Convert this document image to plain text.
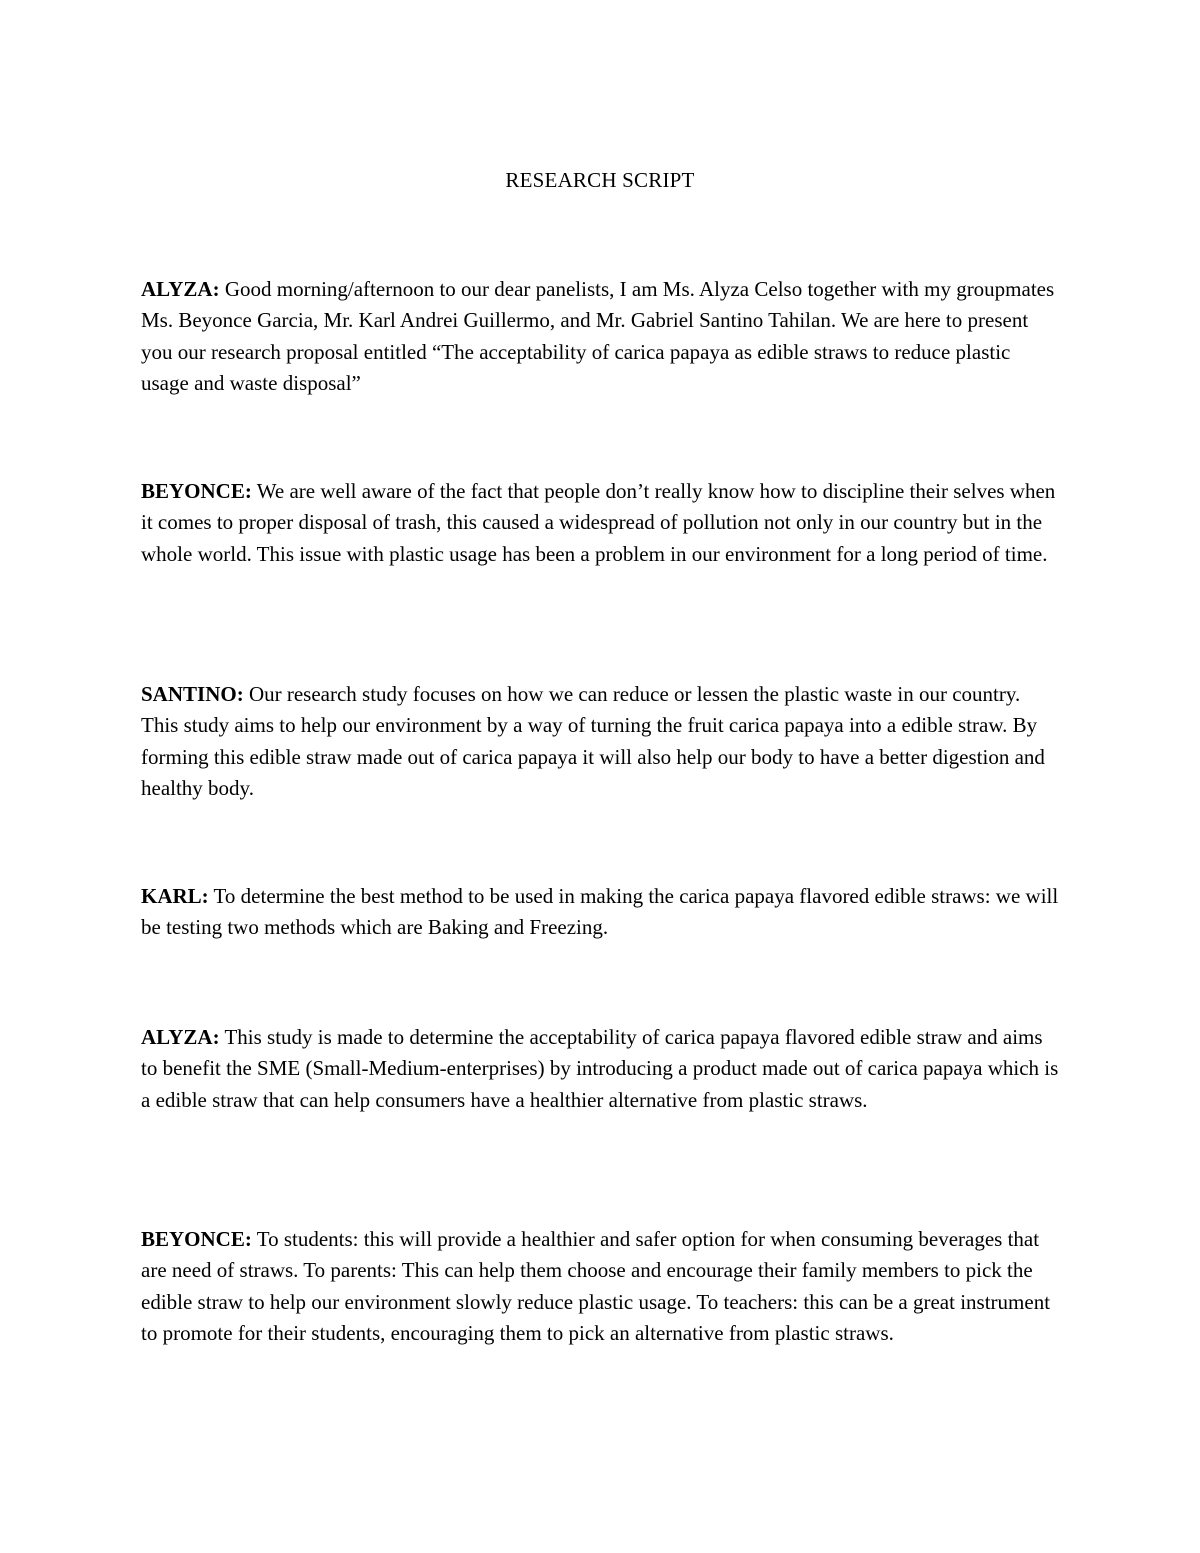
RESEARCH SCRIPT
ALYZA: Good morning/afternoon to our dear panelists, I am Ms. Alyza Celso together with my groupmates Ms. Beyonce Garcia, Mr. Karl Andrei Guillermo, and Mr. Gabriel Santino Tahilan. We are here to present you our research proposal entitled “The acceptability of carica papaya as edible straws to reduce plastic usage and waste disposal”
BEYONCE: We are well aware of the fact that people don’t really know how to discipline their selves when it comes to proper disposal of trash, this caused a widespread of pollution not only in our country but in the whole world. This issue with plastic usage has been a problem in our environment for a long period of time.
SANTINO: Our research study focuses on how we can reduce or lessen the plastic waste in our country. This study aims to help our environment by a way of turning the fruit carica papaya into a edible straw. By forming this edible straw made out of carica papaya it will also help our body to have a better digestion and healthy body.
KARL: To determine the best method to be used in making the carica papaya flavored edible straws: we will be testing two methods which are Baking and Freezing.
ALYZA: This study is made to determine the acceptability of carica papaya flavored edible straw and aims to benefit the SME (Small-Medium-enterprises) by introducing a product made out of carica papaya which is a edible straw that can help consumers have a healthier alternative from plastic straws.
BEYONCE: To students: this will provide a healthier and safer option for when consuming beverages that are need of straws. To parents: This can help them choose and encourage their family members to pick the edible straw to help our environment slowly reduce plastic usage. To teachers: this can be a great instrument to promote for their students, encouraging them to pick an alternative from plastic straws.
